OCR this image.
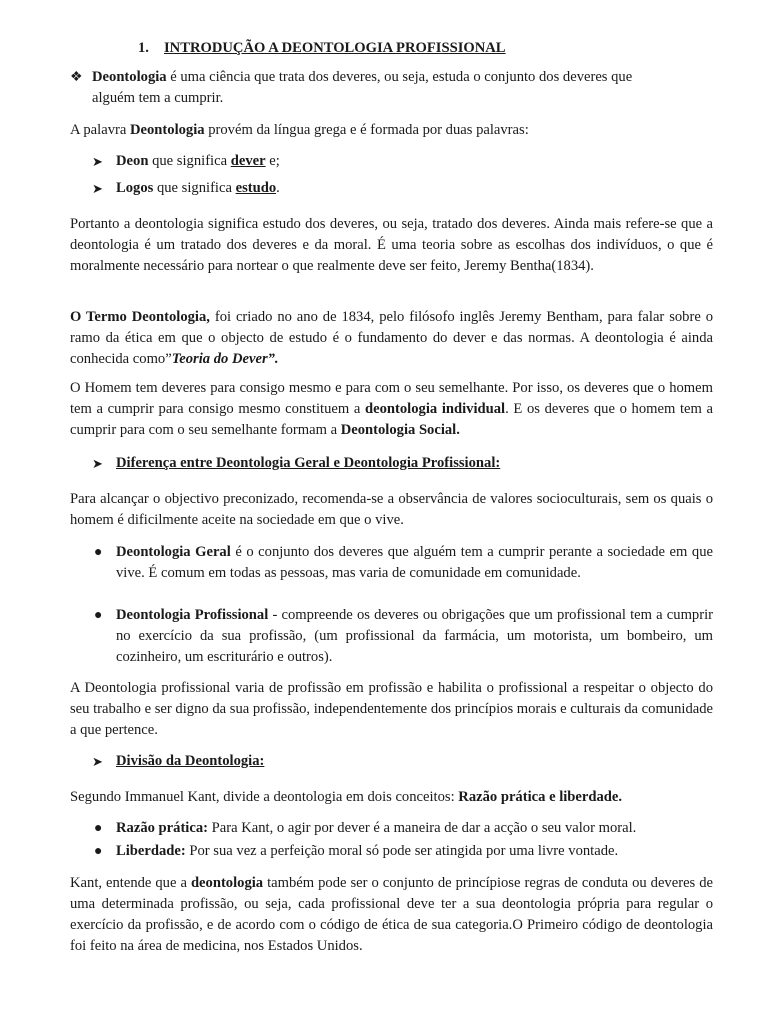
1. INTRODUÇÃO A DEONTOLOGIA PROFISSIONAL
❖ Deontologia é uma ciência que trata dos deveres, ou seja, estuda o conjunto dos deveres que
alguém tem a cumprir.
A palavra Deontologia provém da língua grega e é formada por duas palavras:
➤ Deon que significa dever e;
➤ Logos que significa estudo.
Portanto a deontologia significa estudo dos deveres, ou seja, tratado dos deveres. Ainda mais refere-se que a deontologia é um tratado dos deveres e da moral. É uma teoria sobre as escolhas dos indivíduos, o que é moralmente necessário para nortear o que realmente deve ser feito, Jeremy Bentha(1834).
O Termo Deontologia, foi criado no ano de 1834, pelo filósofo inglês Jeremy Bentham, para falar sobre o ramo da ética em que o objecto de estudo é o fundamento do dever e das normas. A deontologia é ainda conhecida como”Teoria do Dever”.
O Homem tem deveres para consigo mesmo e para com o seu semelhante. Por isso, os deveres que o homem tem a cumprir para consigo mesmo constituem a deontologia individual. E os deveres que o homem tem a cumprir para com o seu semelhante formam a Deontologia Social.
➤ Diferença entre Deontologia Geral e Deontologia Profissional:
Para alcançar o objectivo preconizado, recomenda-se a observância de valores socioculturais, sem os quais o homem é dificilmente aceite na sociedade em que o vive.
● Deontologia Geral é o conjunto dos deveres que alguém tem a cumprir perante a sociedade em que vive. É comum em todas as pessoas, mas varia de comunidade em comunidade.
● Deontologia Profissional - compreende os deveres ou obrigações que um profissional tem a cumprir no exercício da sua profissão, (um profissional da farmácia, um motorista, um bombeiro, um cozinheiro, um escriturário e outros).
A Deontologia profissional varia de profissão em profissão e habilita o profissional a respeitar o objecto do seu trabalho e ser digno da sua profissão, independentemente dos princípios morais e culturais da comunidade a que pertence.
➤ Divisão da Deontologia:
Segundo Immanuel Kant, divide a deontologia em dois conceitos: Razão prática e liberdade.
● Razão prática: Para Kant, o agir por dever é a maneira de dar a acção o seu valor moral.
● Liberdade: Por sua vez a perfeição moral só pode ser atingida por uma livre vontade.
Kant, entende que a deontologia também pode ser o conjunto de princípiose regras de conduta ou deveres de uma determinada profissão, ou seja, cada profissional deve ter a sua deontologia própria para regular o exercício da profissão, e de acordo com o código de ética de sua categoria.O Primeiro código de deontologia foi feito na área de medicina, nos Estados Unidos.
